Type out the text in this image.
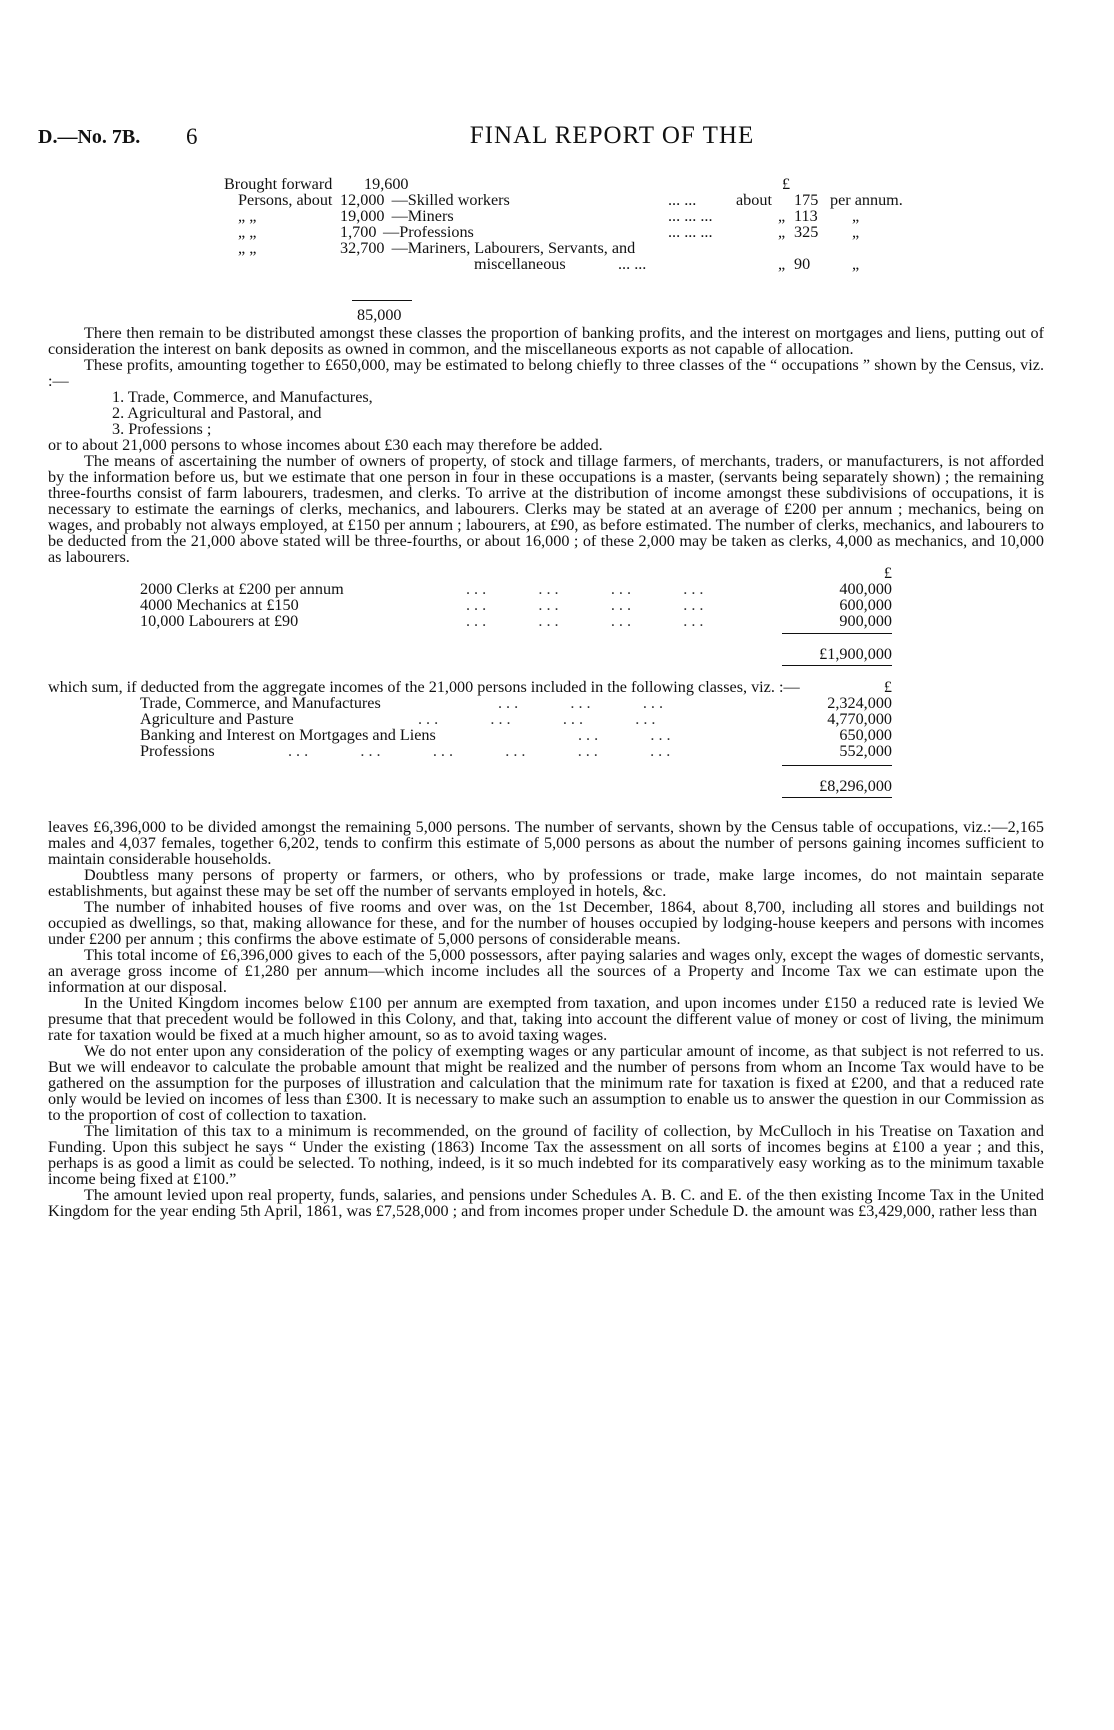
D.—No. 7B. 6	FINAL REPORT OF THE
Brought forward 19,600	£
Persons, about 12,000 —Skilled workers	... ... about 175 per annum.
„ „	19,000 —Miners	... ... ...	„ 113 „
„ „	1,700 —Professions	... ... ...	„ 325 „
„ „	32,700 —Mariners, Labourers, Servants, and
miscellaneous	... ...	„ 90	„
85,000

There then remain to be distributed amongst these classes the proportion of banking profits, and the interest on mortgages and liens, putting out of consideration the interest on bank deposits as owned in common, and the miscellaneous exports as not capable of allocation.

These profits, amounting together to £650,000, may be estimated to belong chiefly to three classes of the “ occupations ” shown by the Census, viz. :—

1. Trade, Commerce, and Manufactures,
2. Agricultural and Pastoral, and
3. Professions ;

or to about 21,000 persons to whose incomes about £30 each may therefore be added.

The means of ascertaining the number of owners of property, of stock and tillage farmers, of merchants, traders, or manufacturers, is not afforded by the information before us, but we estimate that one person in four in these occupations is a master, (servants being separately shown) ; the remaining three-fourths consist of farm labourers, tradesmen, and clerks. To arrive at the distribution of income amongst these subdivisions of occupations, it is necessary to estimate the earnings of clerks, mechanics, and labourers. Clerks may be stated at an average of £200 per annum ; mechanics, being on wages, and probably not always employed, at £150 per annum ; labourers, at £90, as before estimated. The number of clerks, mechanics, and labourers to be deducted from the 21,000 above stated will be three-fourths, or about 16,000 ; of these 2,000 may be taken as clerks, 4,000 as mechanics, and 10,000 as labourers.

£
2000 Clerks at £200 per annum	...      ...      ...      ...	400,000
4000 Mechanics at £150	...      ...      ...      ...	600,000
10,000 Labourers at £90	...      ...      ...      ...	900,000
£1,900,000

which sum, if deducted from the aggregate incomes of the 21,000 persons included in the following classes, viz. :—	£
Trade, Commerce, and Manufactures	...      ...      ...	2,324,000
Agriculture and Pasture	...      ...      ...      ...	4,770,000
Banking and Interest on Mortgages and Liens	...      ...	650,000
Professions	...      ...      ...      ...      ...      ...	552,000
£8,296,000

leaves £6,396,000 to be divided amongst the remaining 5,000 persons. The number of servants, shown by the Census table of occupations, viz.:—2,165 males and 4,037 females, together 6,202, tends to confirm this estimate of 5,000 persons as about the number of persons gaining incomes sufficient to maintain considerable households.

Doubtless many persons of property or farmers, or others, who by professions or trade, make large incomes, do not maintain separate establishments, but against these may be set off the number of servants employed in hotels, &c.

The number of inhabited houses of five rooms and over was, on the 1st December, 1864, about 8,700, including all stores and buildings not occupied as dwellings, so that, making allowance for these, and for the number of houses occupied by lodging-house keepers and persons with incomes under £200 per annum ; this confirms the above estimate of 5,000 persons of considerable means.

This total income of £6,396,000 gives to each of the 5,000 possessors, after paying salaries and wages only, except the wages of domestic servants, an average gross income of £1,280 per annum—which income includes all the sources of a Property and Income Tax we can estimate upon the information at our disposal.

In the United Kingdom incomes below £100 per annum are exempted from taxation, and upon incomes under £150 a reduced rate is levied We presume that that precedent would be followed in this Colony, and that, taking into account the different value of money or cost of living, the minimum rate for taxation would be fixed at a much higher amount, so as to avoid taxing wages.

We do not enter upon any consideration of the policy of exempting wages or any particular amount of income, as that subject is not referred to us. But we will endeavor to calculate the probable amount that might be realized and the number of persons from whom an Income Tax would have to be gathered on the assumption for the purposes of illustration and calculation that the minimum rate for taxation is fixed at £200, and that a reduced rate only would be levied on incomes of less than £300. It is necessary to make such an assumption to enable us to answer the question in our Commission as to the proportion of cost of collection to taxation.

The limitation of this tax to a minimum is recommended, on the ground of facility of collection, by McCulloch in his Treatise on Taxation and Funding. Upon this subject he says “ Under the existing (1863) Income Tax the assessment on all sorts of incomes begins at £100 a year ; and this, perhaps is as good a limit as could be selected. To nothing, indeed, is it so much indebted for its comparatively easy working as to the minimum taxable income being fixed at £100.”

The amount levied upon real property, funds, salaries, and pensions under Schedules A. B. C. and E. of the then existing Income Tax in the United Kingdom for the year ending 5th April, 1861, was £7,528,000 ; and from incomes proper under Schedule D. the amount was £3,429,000, rather less than
